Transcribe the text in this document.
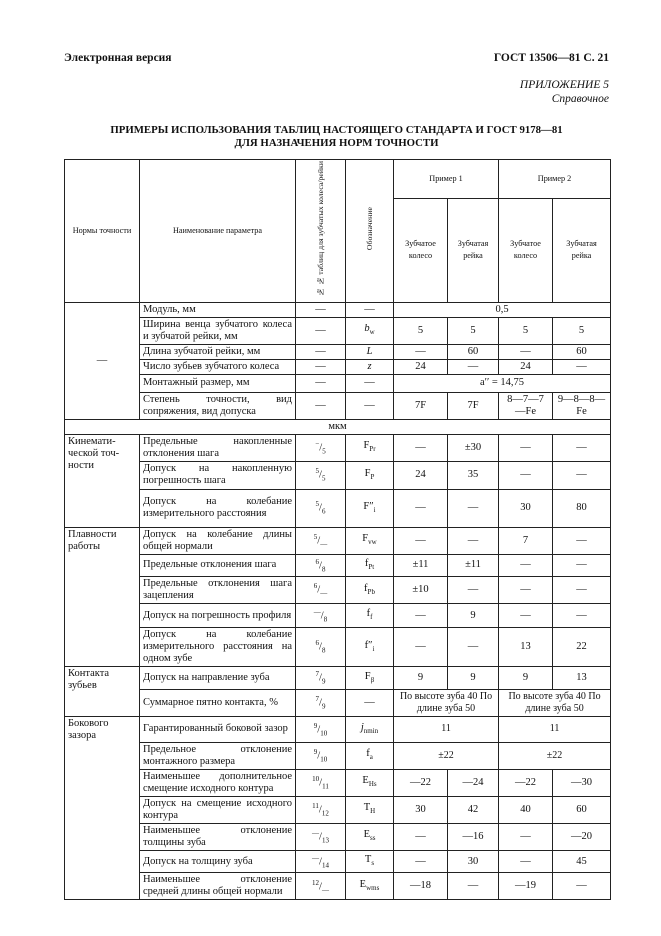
Электронная версия	ГОСТ 13506—81 С. 21
ПРИЛОЖЕНИЕ 5
Справочное
ПРИМЕРЫ ИСПОЛЬЗОВАНИЯ ТАБЛИЦ НАСТОЯЩЕГО СТАНДАРТА И ГОСТ 9178—81
ДЛЯ НАЗНАЧЕНИЯ НОРМ ТОЧНОСТИ
Нормы точности	Наименование параметра	№ № таблиц для зубчатых колеса/рейки	Обозначение	Пример 1		Пример 2	
				Зубчатое колесо	Зубчатая рейка	Зубчатое колесо	Зубчатая рейка
—	Модуль, мм	—	—	0,5			
	Ширина венца зубчатого колеса и зубчатой рейки, мм	—	$b_w$	5	5	5	5
	Длина зубчатой рейки, мм	—	L	—	60	—	60
	Число зубьев зубчатого колеса	—	z	24	—	24	—
	Монтажный размер, мм	—	—	a′′ = 14,75			
	Степень точности, вид сопряжения, вид допуска	—	—	7F	7F	8—7—7—Fe	9—8—8—Fe
мкм							
Кинемати- ческой точ- ности	Предельные накопленные отклонения шага	$^-/_5$	$F_{Pr}$	—	±30	—	—
	Допуск на накопленную погрешность шага	$^5/_5$	$F_P$	24	35	—	—
	Допуск на колебание измерительного расстояния	$^5/_6$	$F''_i$	—	—	30	80
Плавности работы	Допуск на колебание длины общей нормали	$^5/_—$	$F_{vw}$	—	—	7	—
	Предельные отклонения шага	$^6/_8$	$f_{Pt}$	±11	±11	—	—
	Предельные отклонения шага зацепления	$^6/_—$	$f_{Pb}$	±10	—	—	—
	Допуск на погрешность профиля	$^—/_8$	$f_f$	—	9	—	—
	Допуск на колебание измерительного расстояния на одном зубе	$^6/_8$	$f''_i$	—	—	13	22
Контакта зубьев	Допуск на направление зуба	$^7/_9$	$F_\beta$	9	9	9	13
	Суммарное пятно контакта, %	$^7/_9$	—	По высоте зуба 40 По длине зуба 50		По высоте зуба 40 По длине зуба 50	
Бокового зазора	Гарантированный боковой зазор	$^9/_{10}$	$j_{nmin}$	11		11	
	Предельное отклонение монтажного размера	$^9/_{10}$	$f_a$	±22		±22	
	Наименьшее дополнительное смещение исходного контура	$^{10}/_{11}$	$E_{Hs}$	—22	—24	—22	—30
	Допуск на смещение исходного контура	$^{11}/_{12}$	$T_H$	30	42	40	60
	Наименьшее отклонение толщины зуба	$^—/_{13}$	$E_{ss}$	—	—16	—	—20
	Допуск на толщину зуба	$^—/_{14}$	$T_s$	—	30	—	45
	Наименьшее отклонение средней длины общей нормали	$^{12}/_—$	$E_{wms}$	—18	—	—19	—
